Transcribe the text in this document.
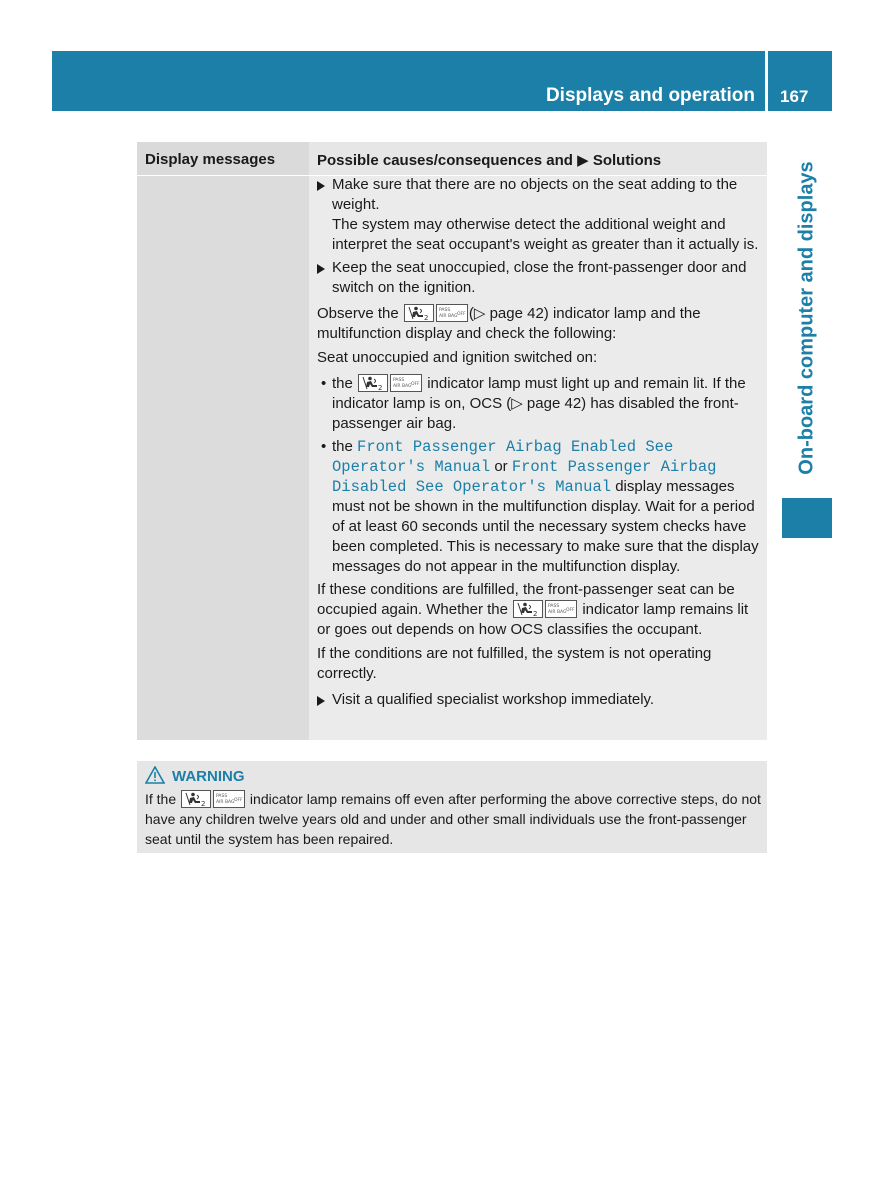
Displays and operation 167
On-board computer and displays
Display messages	Possible causes/consequences and ▶ Solutions
Make sure that there are no objects on the seat adding to the weight.
The system may otherwise detect the additional weight and interpret the seat occupant's weight as greater than it actually is.
Keep the seat unoccupied, close the front-passenger door and switch on the ignition.
Observe the	2
PASS
AIR BAG OFF (▷ page 42) indicator lamp and the multifunction display and check the following:
Seat unoccupied and ignition switched on:
• the	2
PASS
AIR BAG OFF indicator lamp must light up and remain lit. If the indicator lamp is on, OCS (▷ page 42) has disabled the front-passenger air bag.
• the Front Passenger Airbag Enabled See Operator's Manual or Front Passenger Airbag Disabled See Operator's Manual display messages must not be shown in the multifunction display. Wait for a period of at least 60 seconds until the necessary system checks have been completed. This is necessary to make sure that the display messages do not appear in the multifunction display.
If these conditions are fulfilled, the front-passenger seat can be occupied again. Whether the	2
PASS
AIR BAG OFF indicator lamp remains lit or goes out depends on how OCS classifies the occupant.
If the conditions are not fulfilled, the system is not operating correctly.
Visit a qualified specialist workshop immediately.
WARNING
If the	2
PASS
AIR BAG OFF indicator lamp remains off even after performing the above corrective steps, do not have any children twelve years old and under and other small individuals use the front-passenger seat until the system has been repaired.
